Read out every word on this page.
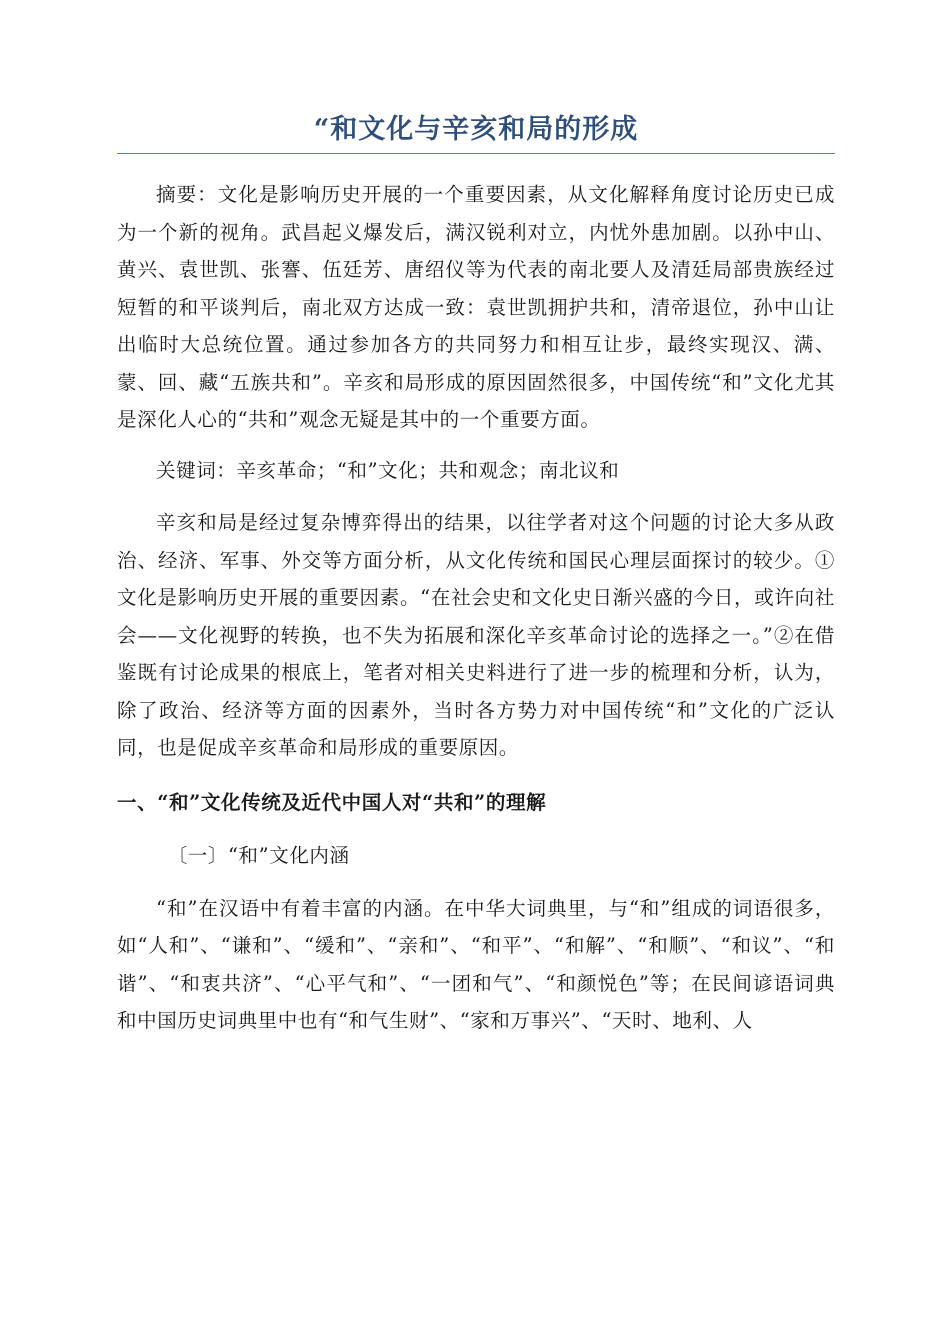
“和文化与辛亥和局的形成

摘要：文化是影响历史开展的一个重要因素，从文化解释角度讨论历史已成为一个新的视角。武昌起义爆发后，满汉锐利对立，内忧外患加剧。以孙中山、黄兴、袁世凯、张謇、伍廷芳、唐绍仪等为代表的南北要人及清廷局部贵族经过短暂的和平谈判后，南北双方达成一致：袁世凯拥护共和，清帝退位，孙中山让出临时大总统位置。通过参加各方的共同努力和相互让步，最终实现汉、满、蒙、回、藏“五族共和”。辛亥和局形成的原因固然很多，中国传统“和”文化尤其是深化人心的“共和”观念无疑是其中的一个重要方面。

关键词：辛亥革命；“和”文化；共和观念；南北议和

辛亥和局是经过复杂博弈得出的结果，以往学者对这个问题的讨论大多从政治、经济、军事、外交等方面分析，从文化传统和国民心理层面探讨的较少。①文化是影响历史开展的重要因素。“在社会史和文化史日渐兴盛的今日，或许向社会——文化视野的转换，也不失为拓展和深化辛亥革命讨论的选择之一。”②在借鉴既有讨论成果的根底上，笔者对相关史料进行了进一步的梳理和分析，认为，除了政治、经济等方面的因素外，当时各方势力对中国传统“和”文化的广泛认同，也是促成辛亥革命和局形成的重要原因。

一、“和”文化传统及近代中国人对“共和”的理解
〔一〕“和”文化内涵

“和”在汉语中有着丰富的内涵。在中华大词典里，与“和”组成的词语很多，如“人和”、“谦和”、“缓和”、“亲和”、“和平”、“和解”、“和顺”、“和议”、“和谐”、“和衷共济”、“心平气和”、“一团和气”、“和颜悦色”等；在民间谚语词典和中国历史词典里中也有“和气生财”、“家和万事兴”、“天时、地利、人
